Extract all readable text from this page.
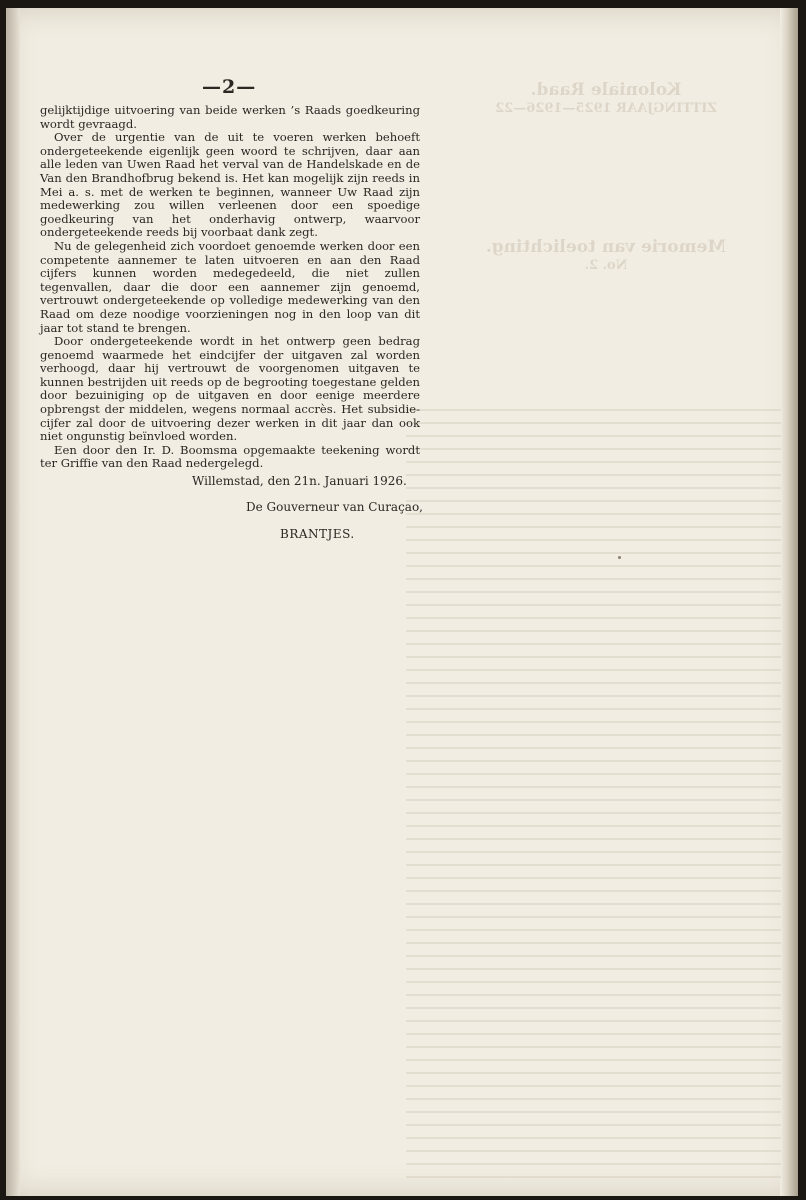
Koloniale Raad.
ZITTINGJAAR 1925—1926—22
Memorie van toelichting.
No. 2.
—2—

gelijktijdige uitvoering van beide werken ’s Raads goedkeuring wordt gevraagd.

Over de urgentie van de uit te voeren werken behoeft ondergeteekende eigenlijk geen woord te schrijven, daar aan alle leden van Uwen Raad het verval van de Handelskade en de Van den Brandhofbrug bekend is. Het kan mogelijk zijn reeds in Mei a. s. met de werken te beginnen, wanneer Uw Raad zijn medewerking zou willen verleenen door een spoedige goedkeuring van het onderhavig ontwerp, waarvoor ondergeteekende reeds bij voorbaat dank zegt.

Nu de gelegenheid zich voordoet genoemde werken door een competente aannemer te laten uitvoeren en aan den Raad cijfers kunnen worden medegedeeld, die niet zullen tegenvallen, daar die door een aannemer zijn genoemd, vertrouwt ondergeteekende op volledige medewerking van den Raad om deze noodige voorzieningen nog in den loop van dit jaar tot stand te brengen.

Door ondergeteekende wordt in het ontwerp geen bedrag genoemd waarmede het eindcijfer der uitgaven zal worden verhoogd, daar hij vertrouwt de voorgenomen uitgaven te kunnen bestrijden uit reeds op de begrooting toegestane gelden door bezuiniging op de uitgaven en door eenige meerdere opbrengst der middelen, wegens normaal accrès. Het subsidie-cijfer zal door de uitvoering dezer werken in dit jaar dan ook niet ongunstig beïnvloed worden.

Een door den Ir. D. Boomsma opgemaakte teekening wordt ter Griffie van den Raad nedergelegd.

Willemstad, den 21n. Januari 1926.
De Gouverneur van Curaçao,
BRANTJES.
